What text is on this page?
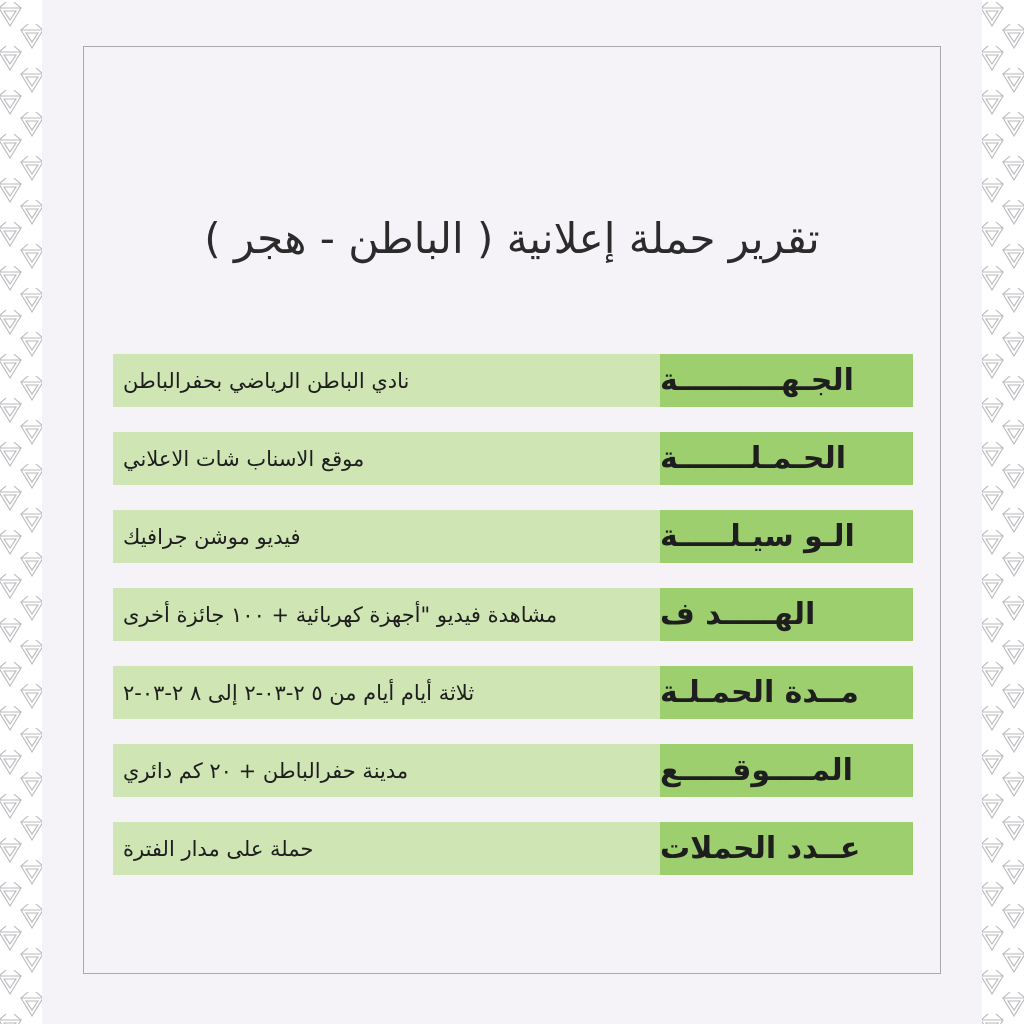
تقرير حملة إعلانية ( الباطن - هجر )
الجـهــــــــــة
نادي الباطن الرياضي بحفرالباطن
الحـمـلـــــــة
موقع الاسناب شات الاعلاني
الـو سيـلـــــة
فيديو موشن جرافيك
الهـــــد ف
مشاهدة فيديو "أجهزة كهربائية + ١٠٠ جائزة أخرى
مــدة الحمـلـة
ثلاثة أيام أيام من ٥ ٢-٠٣-٢ إلى ٨ ٢-٠٣-٢
المــــوقـــــع
مدينة حفرالباطن + ٢٠ كم دائري
عــدد الحملات
حملة على مدار الفترة
